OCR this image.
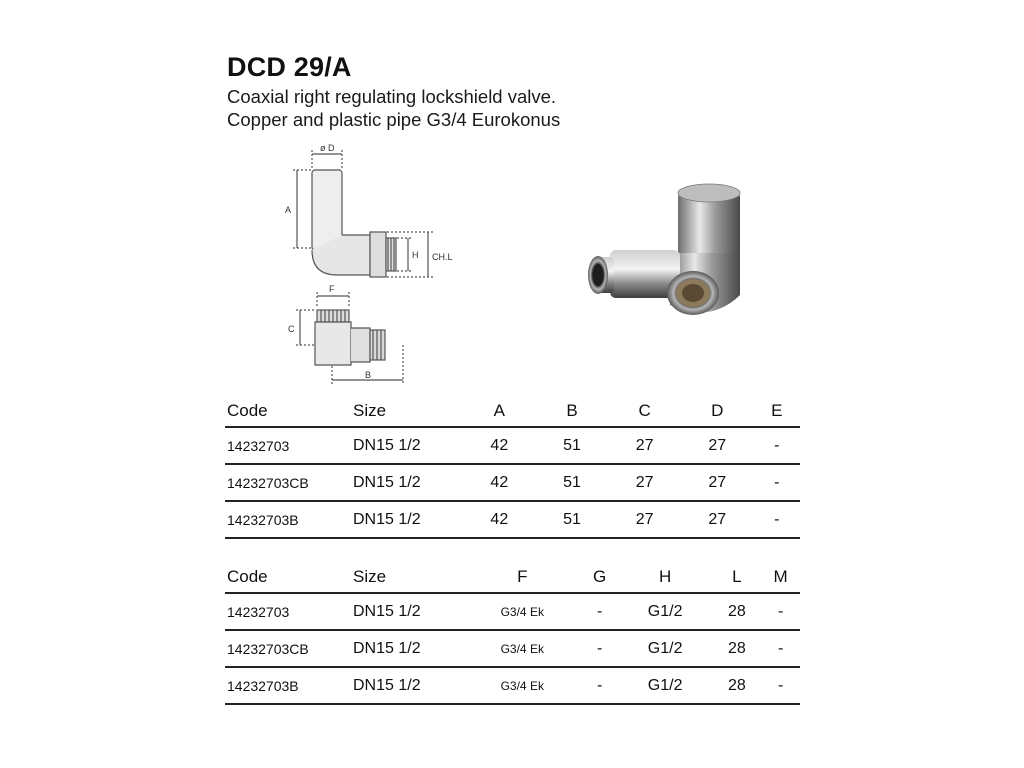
DCD 29/A
Coaxial right regulating lockshield valve.
Copper and plastic pipe G3/4 Eurokonus
ø D
A
H CH.L
F
C
B
Code	Size	A	B	C	D	E
14232703	DN15 1/2	42	51	27	27	-
14232703CB	DN15 1/2	42	51	27	27	-
14232703B	DN15 1/2	42	51	27	27	-
Code	Size	F	G	H	L	M
14232703	DN15 1/2	G3/4 Ek	-	G1/2	28	-
14232703CB	DN15 1/2	G3/4 Ek	-	G1/2	28	-
14232703B	DN15 1/2	G3/4 Ek	-	G1/2	28	-
